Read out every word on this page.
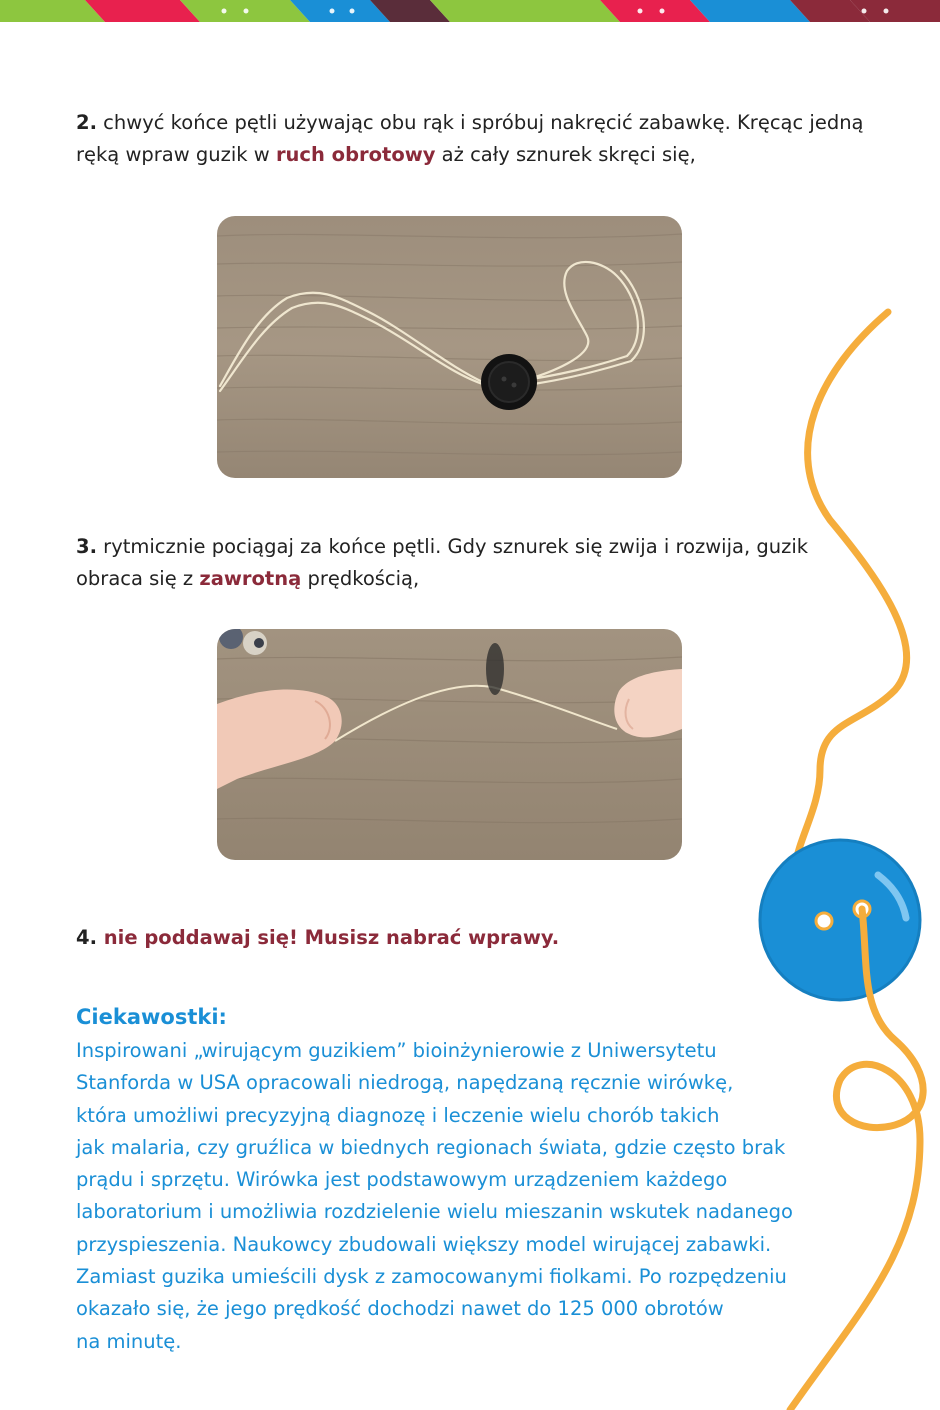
2. chwyć końce pętli używając obu rąk i spróbuj nakręcić zabawkę. Kręcąc jedną ręką wpraw guzik w ruch obrotowy aż cały sznurek skręci się,

3. rytmicznie pociągaj za końce pętli. Gdy sznurek się zwija i rozwija, guzik obraca się z zawrotną prędkością,

4. nie poddawaj się! Musisz nabrać wprawy.

Ciekawostki:
Inspirowani „wirującym guzikiem” bioinżynierowie z Uniwersytetu
Stanforda w USA opracowali niedrogą, napędzaną ręcznie wirówkę,
która umożliwi precyzyjną diagnozę i leczenie wielu chorób takich
jak malaria, czy gruźlica w biednych regionach świata, gdzie często brak
prądu i sprzętu. Wirówka jest podstawowym urządzeniem każdego
laboratorium i umożliwia rozdzielenie wielu mieszanin wskutek nadanego
przyspieszenia. Naukowcy zbudowali większy model wirującej zabawki.
Zamiast guzika umieścili dysk z zamocowanymi fiolkami. Po rozpędzeniu
okazało się, że jego prędkość dochodzi nawet do 125 000 obrotów
na minutę.
